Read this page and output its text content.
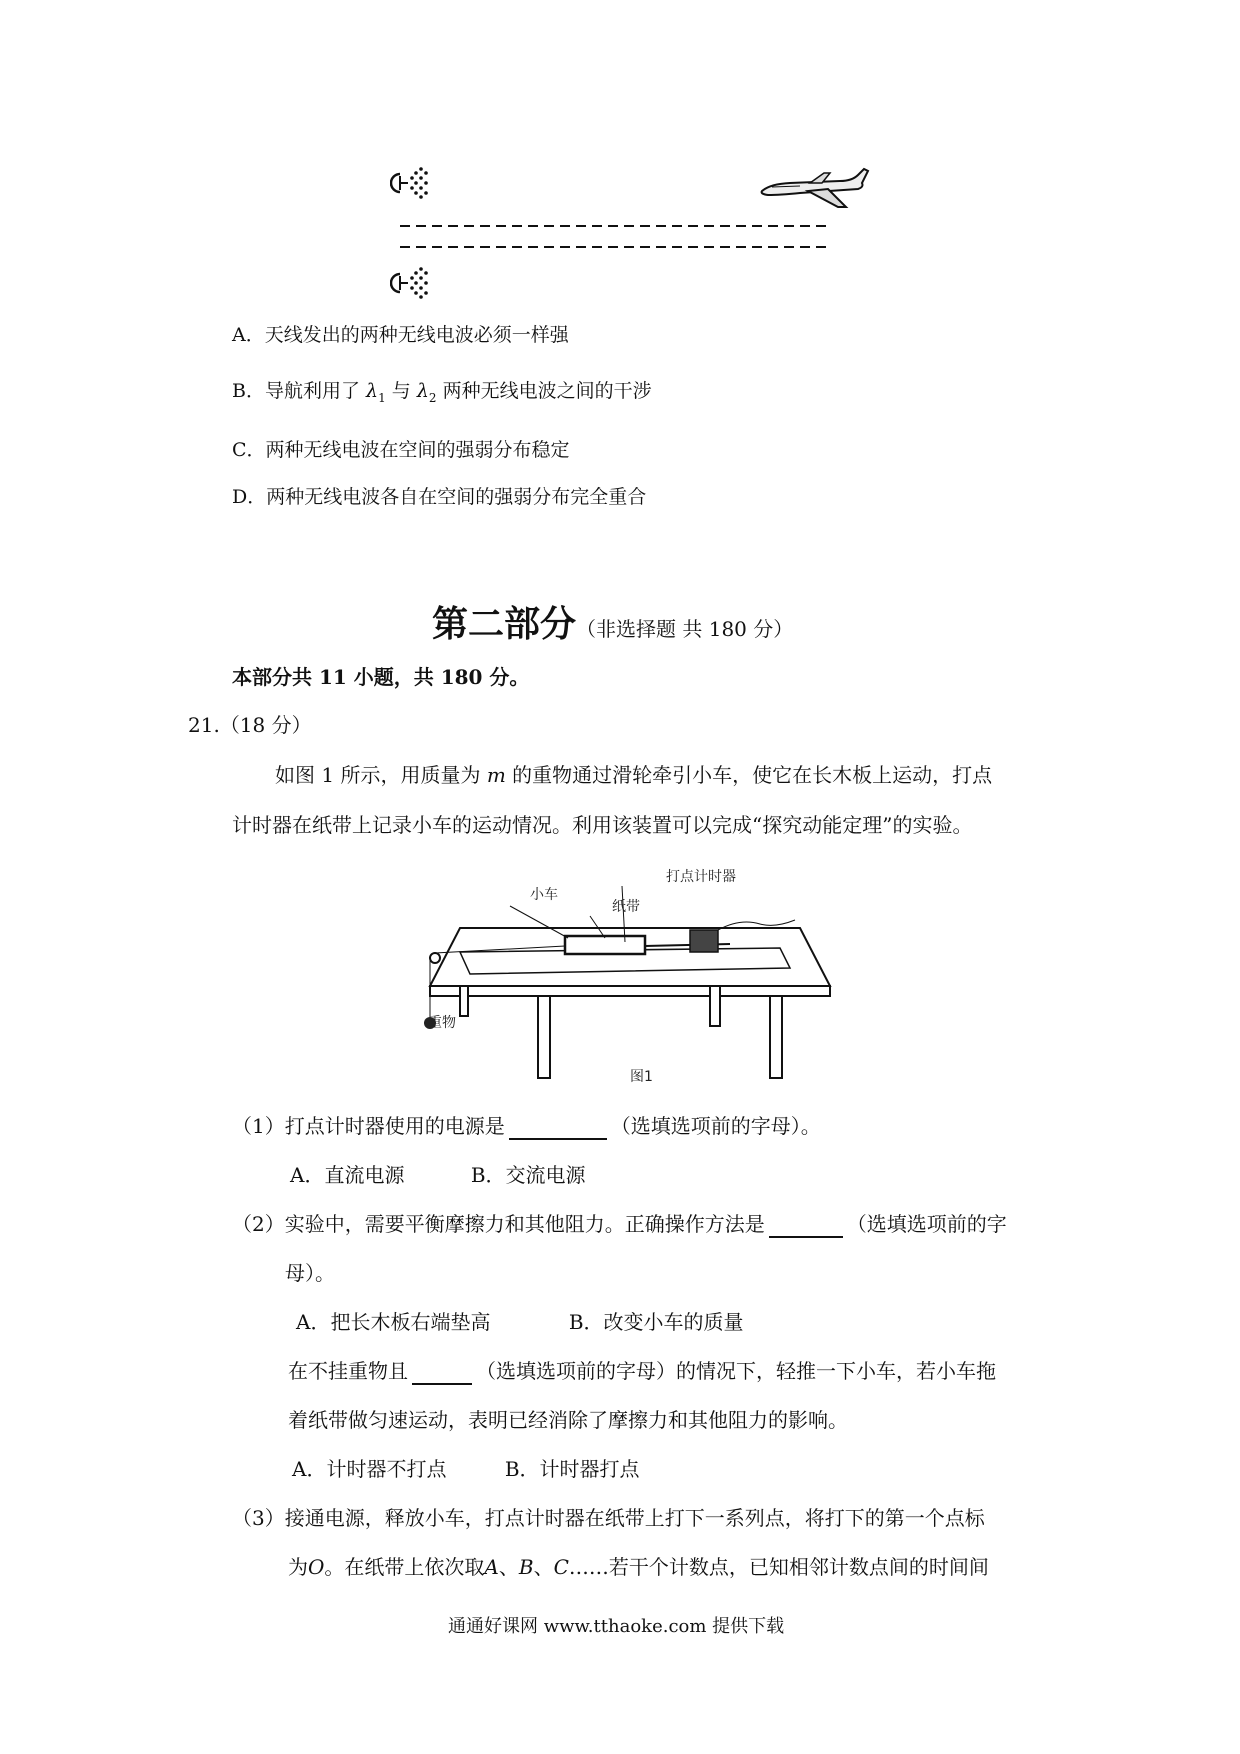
A．天线发出的两种无线电波必须一样强
B．导航利用了 $\lambda_1$ 与 $\lambda_2$ 两种无线电波之间的干涉
C．两种无线电波在空间的强弱分布稳定
D．两种无线电波各自在空间的强弱分布完全重合
第二部分（非选择题 共 180 分）
本部分共 11 小题，共 180 分。
21.（18 分）
如图 1 所示，用质量为 m 的重物通过滑轮牵引小车，使它在长木板上运动，打点
计时器在纸带上记录小车的运动情况。利用该装置可以完成“探究动能定理”的实验。
小车
纸带
打点计时器
重物
图1
（1）打点计时器使用的电源是	（选填选项前的字母）。
A．直流电源	B．交流电源
（2）实验中，需要平衡摩擦力和其他阻力。正确操作方法是	（选填选项前的字
母）。
A．把长木板右端垫高	B．改变小车的质量
在不挂重物且	（选填选项前的字母）的情况下，轻推一下小车，若小车拖
着纸带做匀速运动，表明已经消除了摩擦力和其他阻力的影响。
A．计时器不打点	B．计时器打点
（3）接通电源，释放小车，打点计时器在纸带上打下一系列点，将打下的第一个点标
为O。在纸带上依次取A、B、C……若干个计数点，已知相邻计数点间的时间间
通通好课网 www.tthaoke.com 提供下载
